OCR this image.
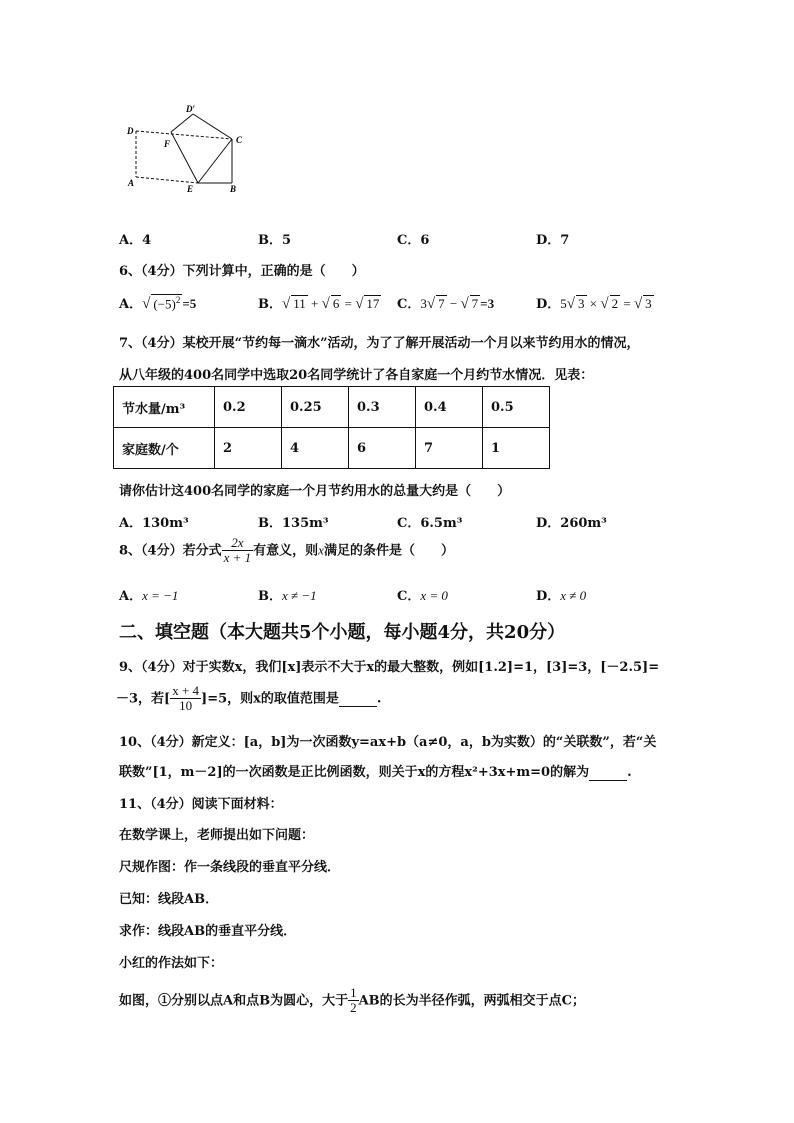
D′
D
F	C
A
E	B
A．4	B．5	C．6	D．7
6、（4分）下列计算中，正确的是（　　）
A．√ $(-5)^2 =5$	B．√ 11 + √ 6 = √ 17 C．3√ 7 − √ 7 =3	D．5√ 3 × √ 2 = √ 3
7、（4分）某校开展“节约每一滴水”活动，为了了解开展活动一个月以来节约用水的情况，
从八年级的400名同学中选取20名同学统计了各自家庭一个月约节水情况．见表：
节水量/m³	0.2	0.25	0.3	0.4	0.5
家庭数/个	2	4	6	7	1
请你估计这400名同学的家庭一个月节约用水的总量大约是（　　）
A．130m³	B．135m³	C．6.5m³	D．260m³
8、（4分）若分式 $\frac{2x}{x + 1}$ 有意义，则x满足的条件是（　　）
A．x = −1	B．x ≠ −1	C．x = 0	D．x ≠ 0
二、填空题（本大题共5个小题，每小题4分，共20分）
9、（4分）对于实数x，我们[x]表示不大于x的最大整数，例如[1.2]=1，[3]=3，[－2.5]=
－3，若[ $\frac{x + 4}{10} ]=5$，则x的取值范围是	.
10、（4分）新定义：[a，b]为一次函数y=ax+b（a≠0，a，b为实数）的“关联数”，若“关
联数”[1，m－2]的一次函数是正比例函数，则关于x的方程x²+3x+m=0的解为	.
11、（4分）阅读下面材料：
在数学课上，老师提出如下问题：
尺规作图：作一条线段的垂直平分线．
已知：线段AB．
求作：线段AB的垂直平分线．
小红的作法如下：
如图，①分别以点A和点B为圆心，大于 $\frac{1}{2}$ AB的长为半径作弧，两弧相交于点C；
